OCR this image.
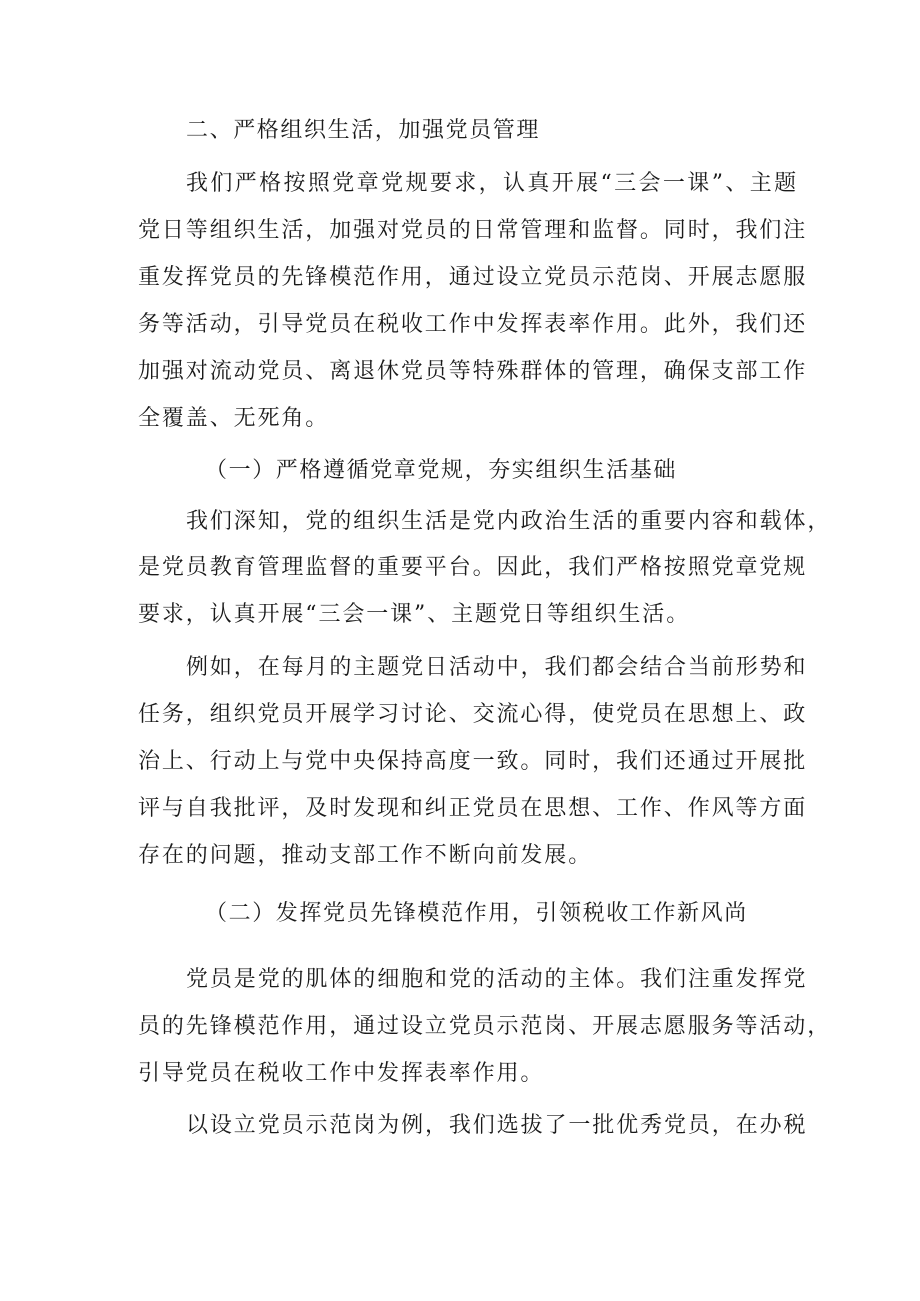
二、严格组织生活，加强党员管理
我们严格按照党章党规要求，认真开展“三会一课”、主题
党日等组织生活，加强对党员的日常管理和监督。同时，我们注
重发挥党员的先锋模范作用，通过设立党员示范岗、开展志愿服
务等活动，引导党员在税收工作中发挥表率作用。此外，我们还
加强对流动党员、离退休党员等特殊群体的管理，确保支部工作
全覆盖、无死角。
（一）严格遵循党章党规，夯实组织生活基础
我们深知，党的组织生活是党内政治生活的重要内容和载体，
是党员教育管理监督的重要平台。因此，我们严格按照党章党规
要求，认真开展“三会一课”、主题党日等组织生活。
例如，在每月的主题党日活动中，我们都会结合当前形势和
任务，组织党员开展学习讨论、交流心得，使党员在思想上、政
治上、行动上与党中央保持高度一致。同时，我们还通过开展批
评与自我批评，及时发现和纠正党员在思想、工作、作风等方面
存在的问题，推动支部工作不断向前发展。
（二）发挥党员先锋模范作用，引领税收工作新风尚
党员是党的肌体的细胞和党的活动的主体。我们注重发挥党
员的先锋模范作用，通过设立党员示范岗、开展志愿服务等活动，
引导党员在税收工作中发挥表率作用。
以设立党员示范岗为例，我们选拔了一批优秀党员，在办税
